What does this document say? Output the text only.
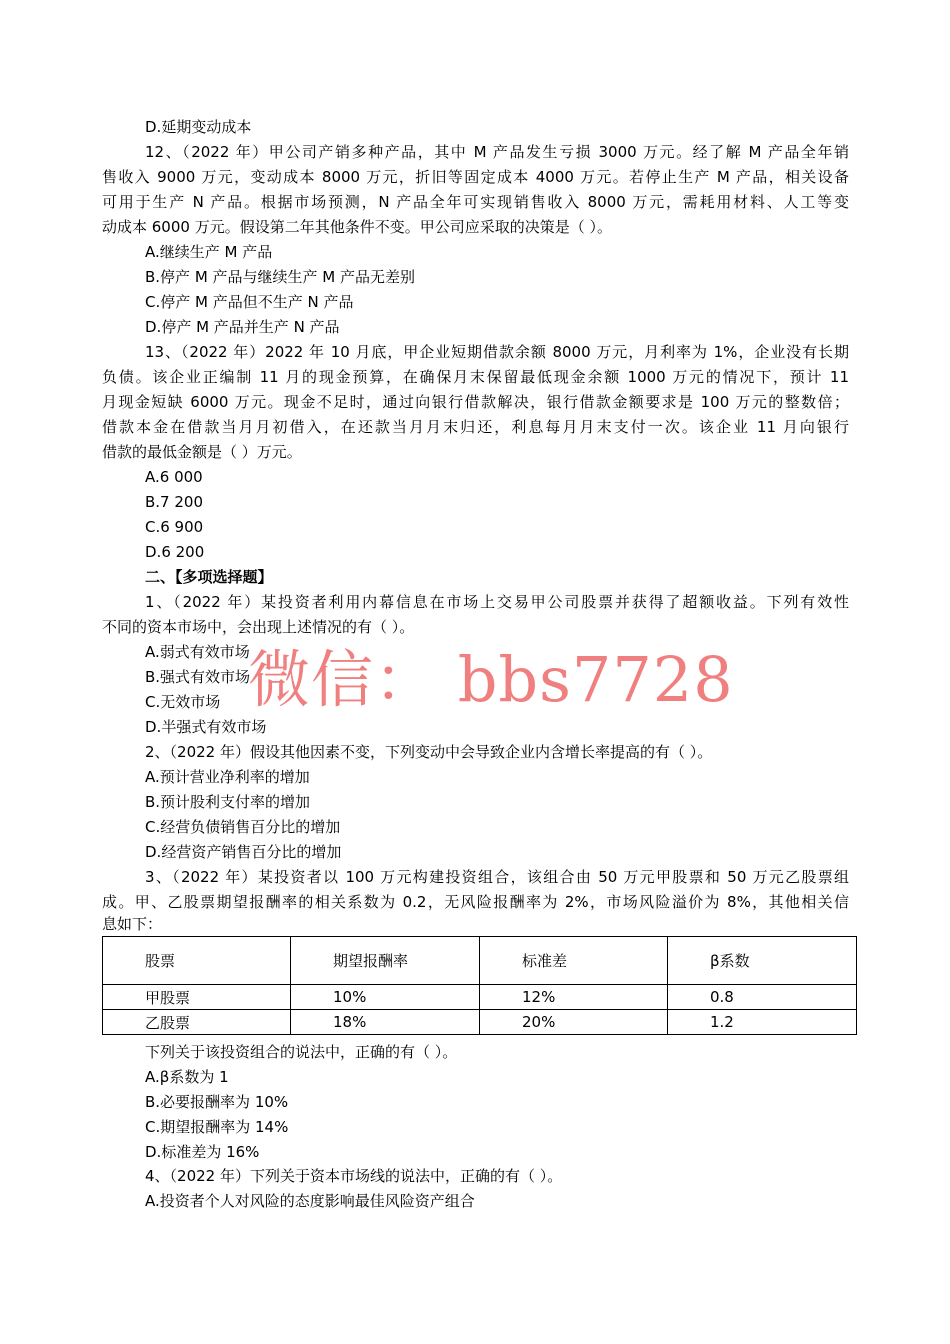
D.延期变动成本
12、（2022 年）甲公司产销多种产品，其中 M 产品发生亏损 3000 万元。经了解 M 产品全年销
售收入 9000 万元，变动成本 8000 万元，折旧等固定成本 4000 万元。若停止生产 M 产品，相关设备
可用于生产 N 产品。根据市场预测，N 产品全年可实现销售收入 8000 万元，需耗用材料、人工等变
动成本 6000 万元。假设第二年其他条件不变。甲公司应采取的决策是（ ）。
A.继续生产 M 产品
B.停产 M 产品与继续生产 M 产品无差别
C.停产 M 产品但不生产 N 产品
D.停产 M 产品并生产 N 产品
13、（2022 年）2022 年 10 月底，甲企业短期借款余额 8000 万元，月利率为 1%，企业没有长期
负债。该企业正编制 11 月的现金预算，在确保月末保留最低现金余额 1000 万元的情况下，预计 11
月现金短缺 6000 万元。现金不足时，通过向银行借款解决，银行借款金额要求是 100 万元的整数倍；
借款本金在借款当月月初借入，在还款当月月末归还，利息每月月末支付一次。该企业 11 月向银行
借款的最低金额是（ ）万元。
A.6 000
B.7 200
C.6 900
D.6 200
二、【多项选择题】
1、（2022 年）某投资者利用内幕信息在市场上交易甲公司股票并获得了超额收益。下列有效性
不同的资本市场中，会出现上述情况的有（ ）。
A.弱式有效市场
B.强式有效市场
C.无效市场
D.半强式有效市场
2、（2022 年）假设其他因素不变，下列变动中会导致企业内含增长率提高的有（ ）。
A.预计营业净利率的增加
B.预计股利支付率的增加
C.经营负债销售百分比的增加
D.经营资产销售百分比的增加
3、（2022 年）某投资者以 100 万元构建投资组合，该组合由 50 万元甲股票和 50 万元乙股票组
成。甲、乙股票期望报酬率的相关系数为 0.2，无风险报酬率为 2%，市场风险溢价为 8%，其他相关信
息如下：
股票	期望报酬率	标准差	β系数
甲股票	10%	12%	0.8
乙股票	18%	20%	1.2
下列关于该投资组合的说法中，正确的有（ ）。
A.β系数为 1
B.必要报酬率为 10%
C.期望报酬率为 14%
D.标准差为 16%
4、（2022 年）下列关于资本市场线的说法中，正确的有（ ）。
A.投资者个人对风险的态度影响最佳风险资产组合
微信： bbs7728
